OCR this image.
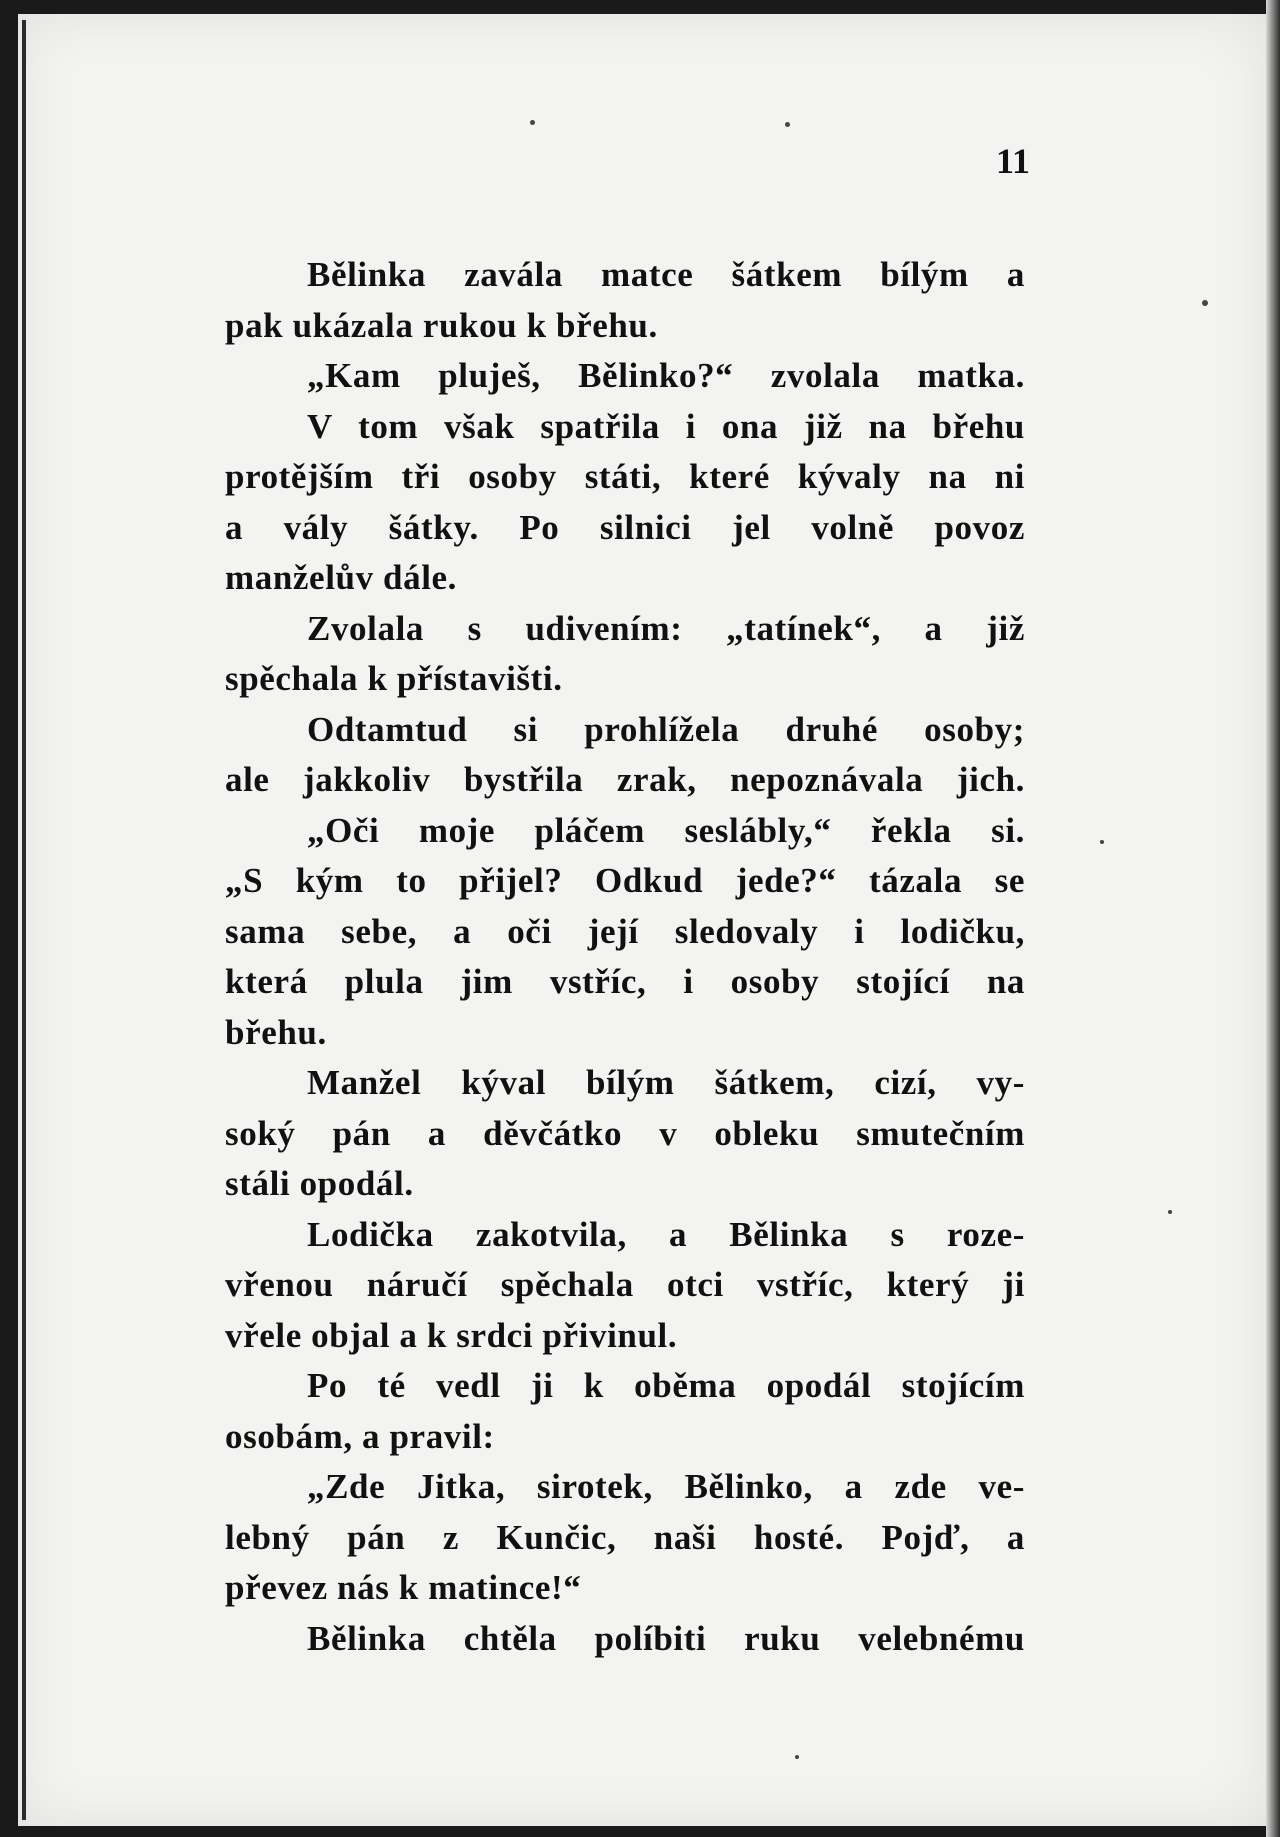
11
Bělinka zavála matce šátkem bílým a
pak ukázala rukou k břehu.
„Kam pluješ, Bělinko?“ zvolala matka.
V tom však spatřila i ona již na břehu
protějším tři osoby státi, které kývaly na ni
a vály šátky. Po silnici jel volně povoz
manželův dále.
Zvolala s udivením: „tatínek“, a již
spěchala k přístavišti.
Odtamtud si prohlížela druhé osoby;
ale jakkoliv bystřila zrak, nepoznávala jich.
„Oči moje pláčem seslábly,“ řekla si.
„S kým to přijel? Odkud jede?“ tázala se
sama sebe, a oči její sledovaly i lodičku,
která plula jim vstříc, i osoby stojící na
břehu.
Manžel kýval bílým šátkem, cizí, vy-
soký pán a děvčátko v obleku smutečním
stáli opodál.
Lodička zakotvila, a Bělinka s roze-
vřenou náručí spěchala otci vstříc, který ji
vřele objal a k srdci přivinul.
Po té vedl ji k oběma opodál stojícím
osobám, a pravil:
„Zde Jitka, sirotek, Bělinko, a zde ve-
lebný pán z Kunčic, naši hosté. Pojď, a
převez nás k matince!“
Bělinka chtěla políbiti ruku velebnému
